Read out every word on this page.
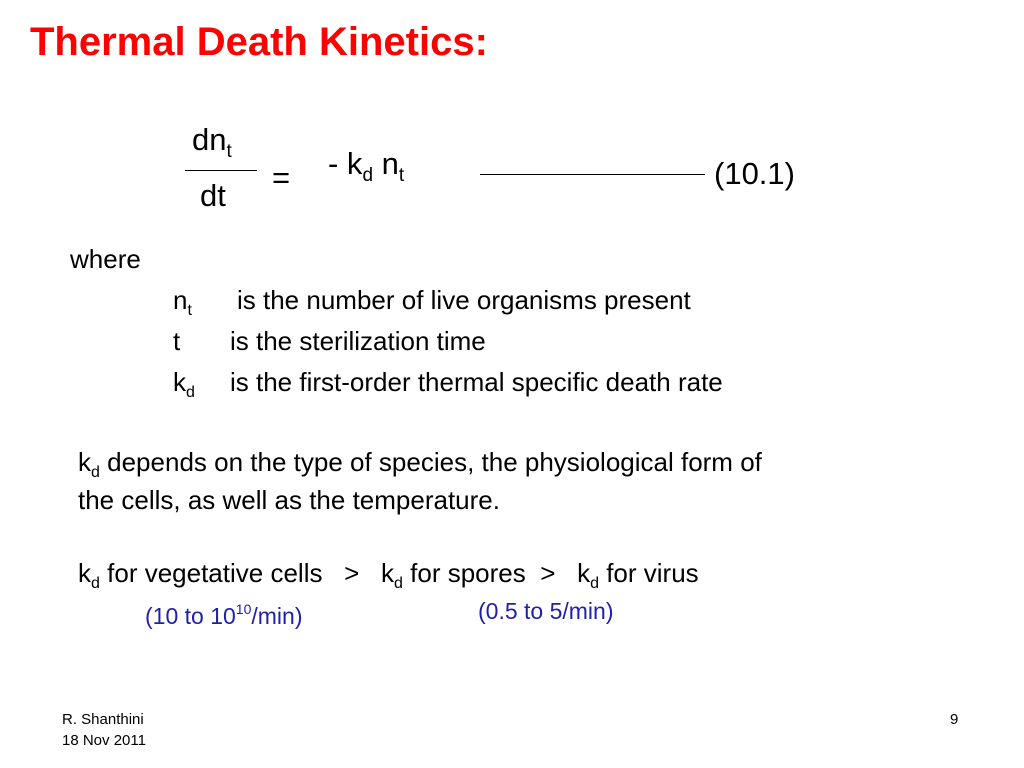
Thermal Death Kinetics:
$dn_t$
dt
= - $k_d$ $n_t$	(10.1)
where
$n_t$ is the number of live organisms present
t is the sterilization time
$k_d$ is the first-order thermal specific death rate
$k_d$ depends on the type of species, the physiological form of
the cells, as well as the temperature.
$k_d$ for vegetative cells > $k_d$ for spores > $k_d$ for virus
(10 to $10^{10}/\min$)	(0.5 to 5/min)
R. Shanthini
18 Nov 2011
9
